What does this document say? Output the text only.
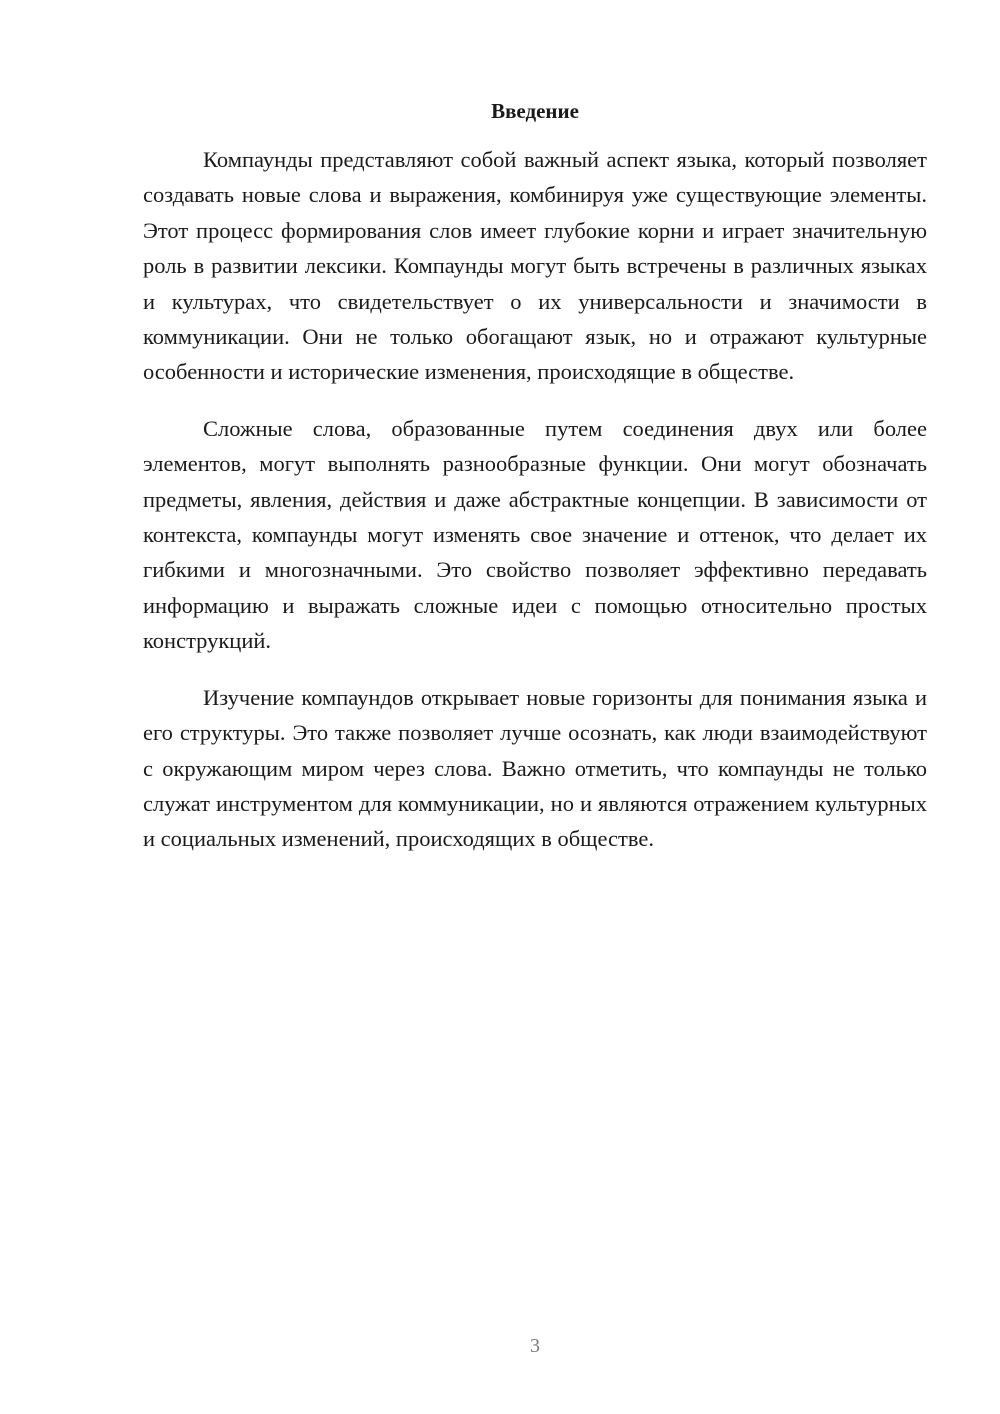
Введение

Компаунды представляют собой важный аспект языка, который позволяет создавать новые слова и выражения, комбинируя уже существующие элементы. Этот процесс формирования слов имеет глубокие корни и играет значительную роль в развитии лексики. Компаунды могут быть встречены в различных языках и культурах, что свидетельствует о их универсальности и значимости в коммуникации. Они не только обогащают язык, но и отражают культурные особенности и исторические изменения, происходящие в обществе.

Сложные слова, образованные путем соединения двух или более элементов, могут выполнять разнообразные функции. Они могут обозначать предметы, явления, действия и даже абстрактные концепции. В зависимости от контекста, компаунды могут изменять свое значение и оттенок, что делает их гибкими и многозначными. Это свойство позволяет эффективно передавать информацию и выражать сложные идеи с помощью относительно простых конструкций.

Изучение компаундов открывает новые горизонты для понимания языка и его структуры. Это также позволяет лучше осознать, как люди взаимодействуют с окружающим миром через слова. Важно отметить, что компаунды не только служат инструментом для коммуникации, но и являются отражением культурных и социальных изменений, происходящих в обществе.

3
